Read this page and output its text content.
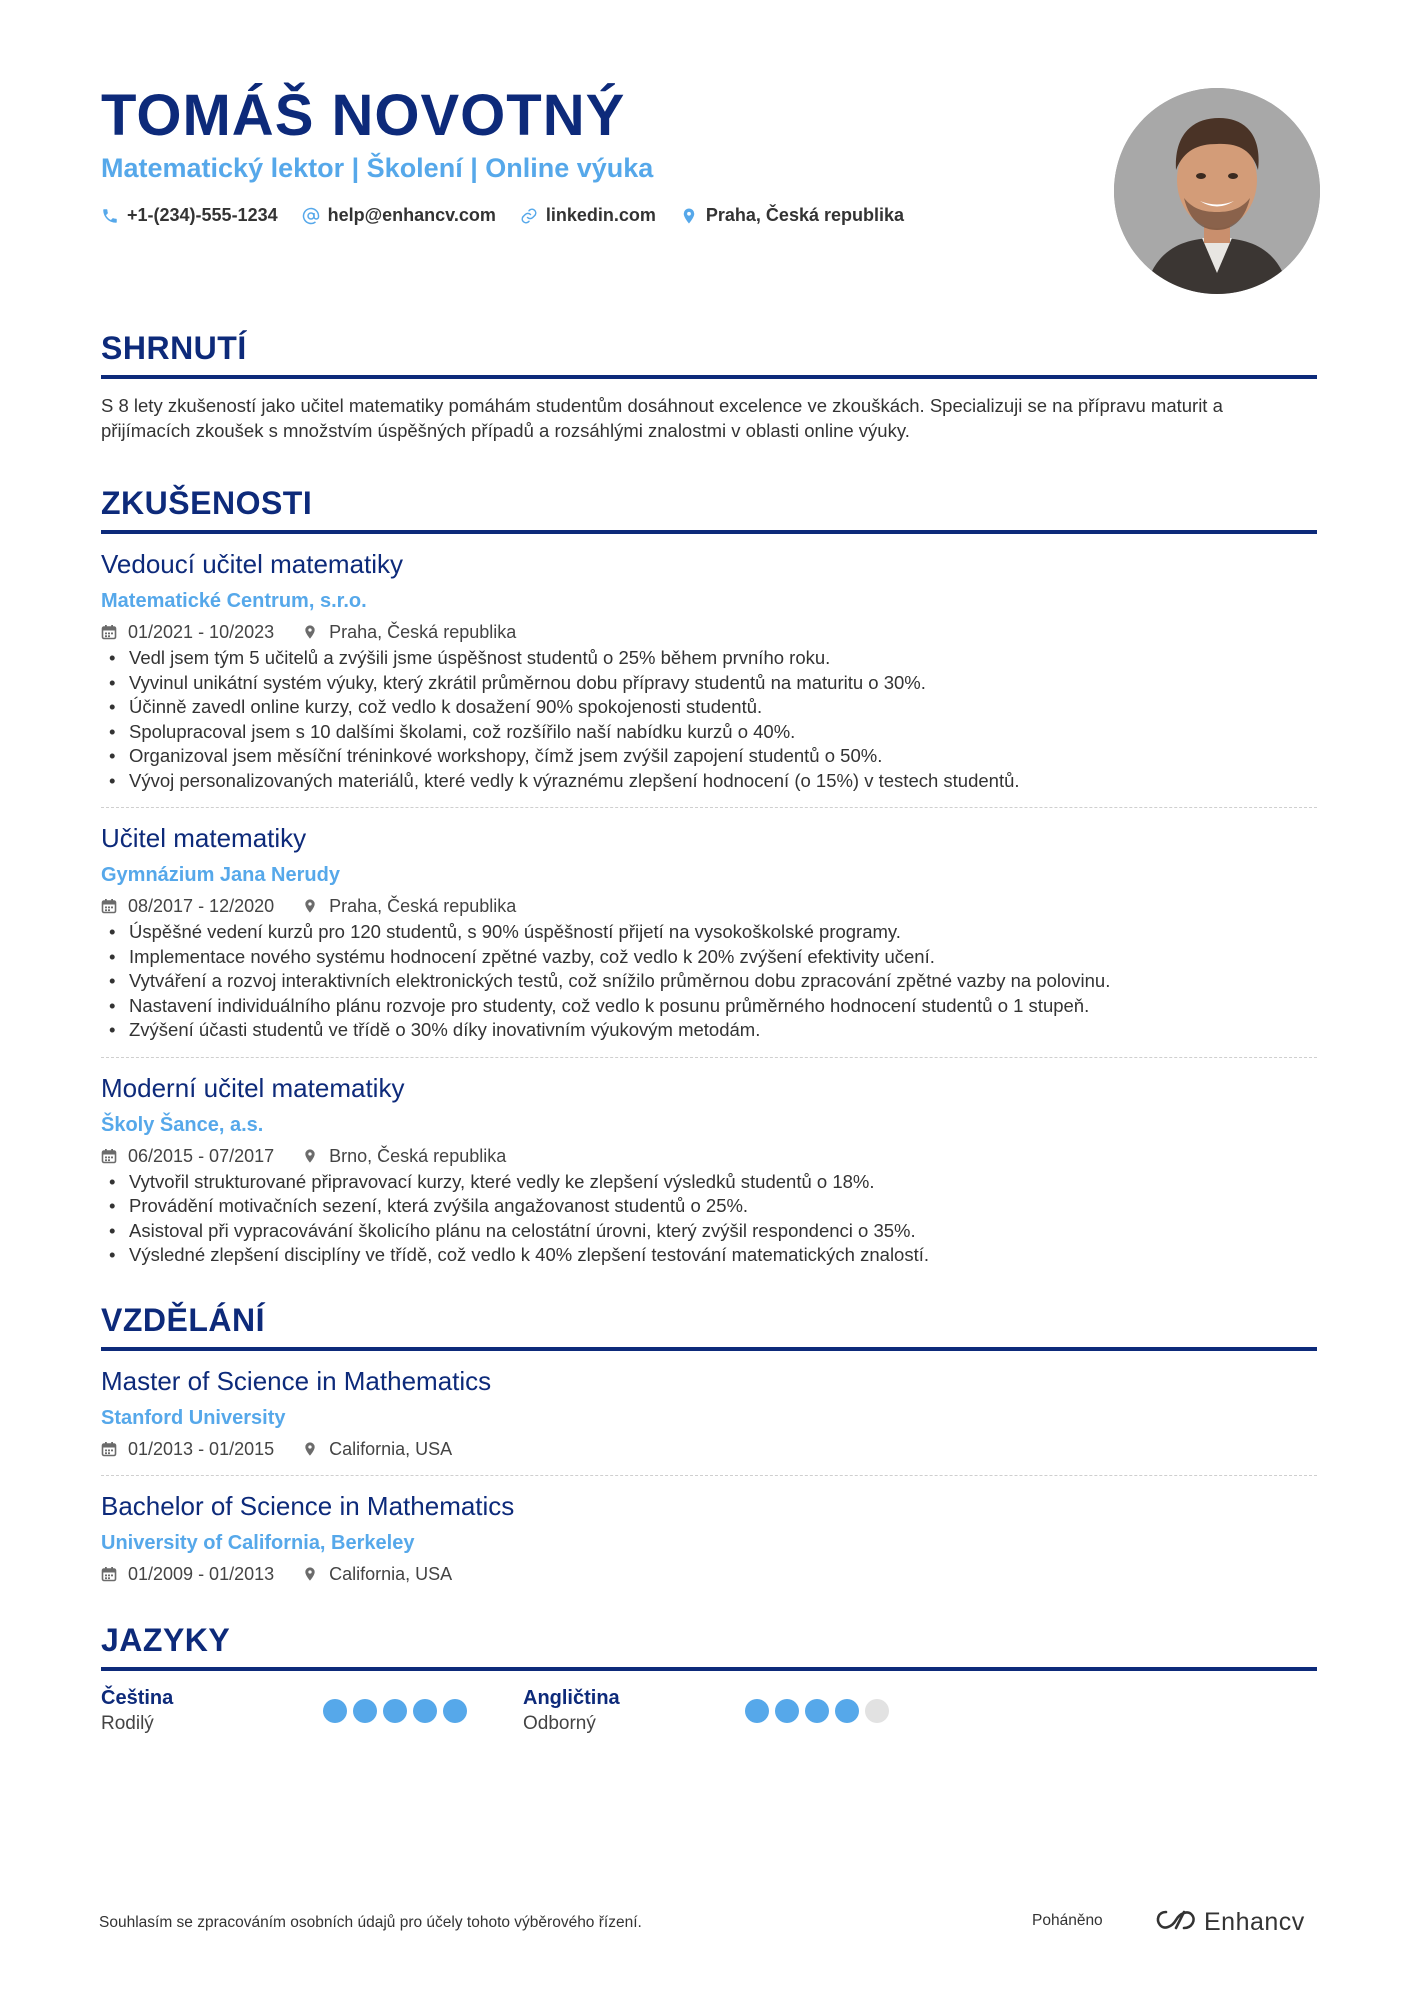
TOMÁŠ NOVOTNÝ
Matematický lektor | Školení | Online výuka
+1-(234)-555-1234	help@enhancv.com	linkedin.com	Praha, Česká republika
SHRNUTÍ
S 8 lety zkušeností jako učitel matematiky pomáhám studentům dosáhnout excelence ve zkouškách. Specializuji se na přípravu maturit a přijímacích zkoušek s množstvím úspěšných případů a rozsáhlými znalostmi v oblasti online výuky.
ZKUŠENOSTI
Vedoucí učitel matematiky
Matematické Centrum, s.r.o.
01/2021 - 10/2023	Praha, Česká republika
• Vedl jsem tým 5 učitelů a zvýšili jsme úspěšnost studentů o 25% během prvního roku.
• Vyvinul unikátní systém výuky, který zkrátil průměrnou dobu přípravy studentů na maturitu o 30%.
• Účinně zavedl online kurzy, což vedlo k dosažení 90% spokojenosti studentů.
• Spolupracoval jsem s 10 dalšími školami, což rozšířilo naší nabídku kurzů o 40%.
• Organizoval jsem měsíční tréninkové workshopy, čímž jsem zvýšil zapojení studentů o 50%.
• Vývoj personalizovaných materiálů, které vedly k výraznému zlepšení hodnocení (o 15%) v testech studentů.
Učitel matematiky
Gymnázium Jana Nerudy
08/2017 - 12/2020	Praha, Česká republika
• Úspěšné vedení kurzů pro 120 studentů, s 90% úspěšností přijetí na vysokoškolské programy.
• Implementace nového systému hodnocení zpětné vazby, což vedlo k 20% zvýšení efektivity učení.
• Vytváření a rozvoj interaktivních elektronických testů, což snížilo průměrnou dobu zpracování zpětné vazby na polovinu.
• Nastavení individuálního plánu rozvoje pro studenty, což vedlo k posunu průměrného hodnocení studentů o 1 stupeň.
• Zvýšení účasti studentů ve třídě o 30% díky inovativním výukovým metodám.
Moderní učitel matematiky
Školy Šance, a.s.
06/2015 - 07/2017	Brno, Česká republika
• Vytvořil strukturované připravovací kurzy, které vedly ke zlepšení výsledků studentů o 18%.
• Provádění motivačních sezení, která zvýšila angažovanost studentů o 25%.
• Asistoval při vypracovávání školicího plánu na celostátní úrovni, který zvýšil respondenci o 35%.
• Výsledné zlepšení disciplíny ve třídě, což vedlo k 40% zlepšení testování matematických znalostí.
VZDĚLÁNÍ
Master of Science in Mathematics
Stanford University
01/2013 - 01/2015	California, USA
Bachelor of Science in Mathematics
University of California, Berkeley
01/2009 - 01/2013	California, USA
JAZYKY
Čeština
Rodilý
Angličtina
Odborný
Souhlasím se zpracováním osobních údajů pro účely tohoto výběrového řízení.	Poháněno	Enhancv
